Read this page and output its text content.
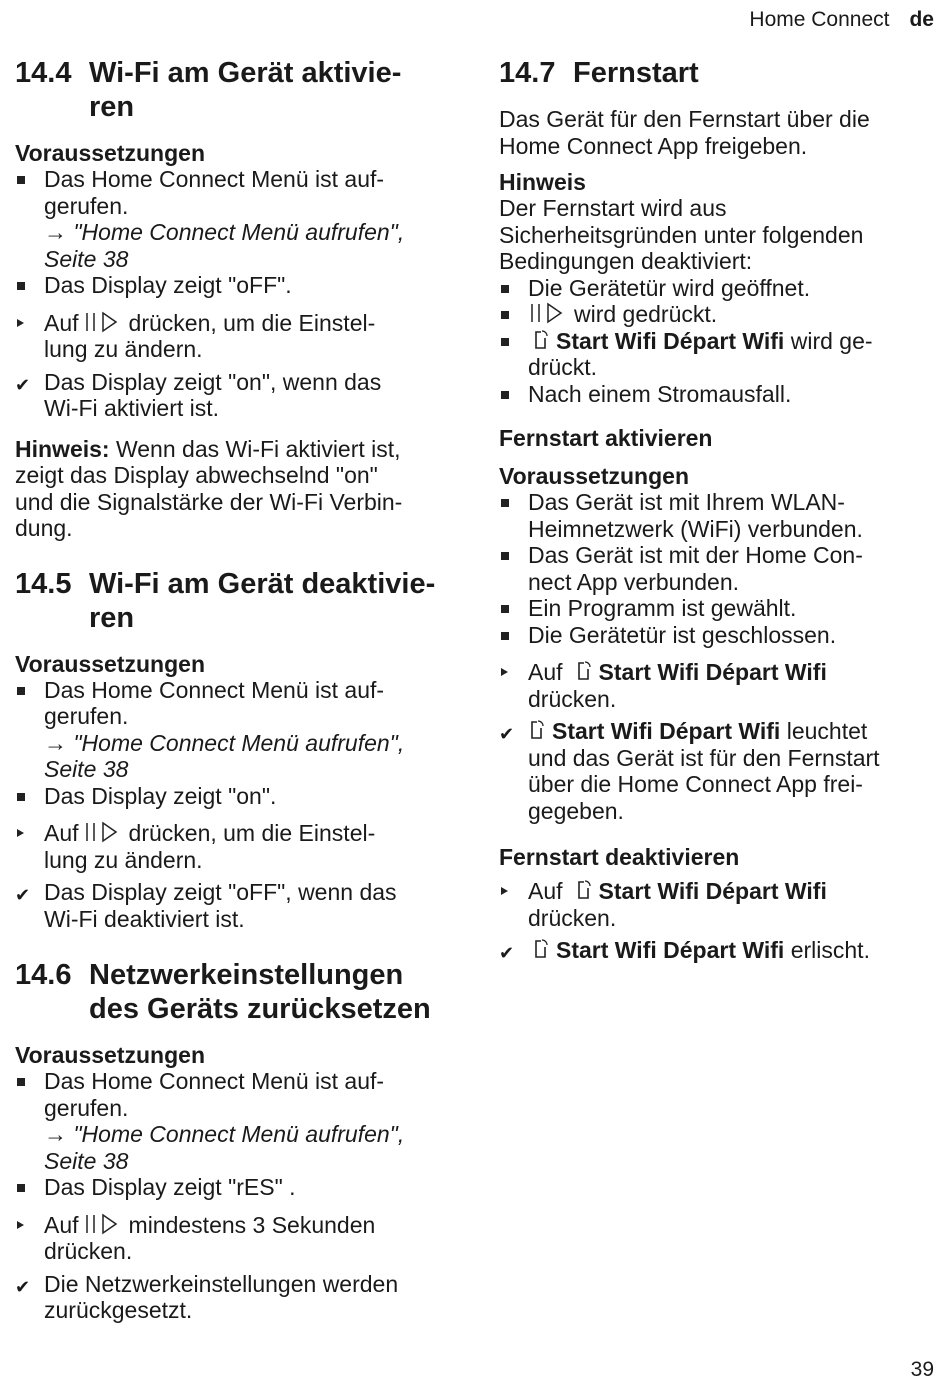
Home Connect de
14.4 Wi-Fi am Gerät aktivie-
ren
Voraussetzungen
Das Home Connect Menü ist auf-
gerufen.
→ "Home Connect Menü aufrufen",
Seite 38
Das Display zeigt "oFF".
Auf drücken, um die Einstel-
lung zu ändern.
✔ Das Display zeigt "on", wenn das
Wi-Fi aktiviert ist.

Hinweis: Wenn das Wi-Fi aktiviert ist,
zeigt das Display abwechselnd "on"
und die Signalstärke der Wi-Fi Verbin-
dung.

14.5 Wi-Fi am Gerät deaktivie-
ren
Voraussetzungen
Das Home Connect Menü ist auf-
gerufen.
→ "Home Connect Menü aufrufen",
Seite 38
Das Display zeigt "on".
Auf drücken, um die Einstel-
lung zu ändern.
✔ Das Display zeigt "oFF", wenn das
Wi-Fi deaktiviert ist.
14.6 Netzwerkeinstellungen
des Geräts zurücksetzen
Voraussetzungen
Das Home Connect Menü ist auf-
gerufen.
→ "Home Connect Menü aufrufen",
Seite 38
Das Display zeigt "rES" .
Auf mindestens 3 Sekunden
drücken.
✔ Die Netzwerkeinstellungen werden
zurückgesetzt.
14.7 Fernstart

Das Gerät für den Fernstart über die
Home Connect App freigeben.

Hinweis

Der Fernstart wird aus
Sicherheitsgründen unter folgenden
Bedingungen deaktiviert:

Die Gerätetür wird geöffnet.
wird gedrückt.
Start Wifi Départ Wifi wird ge-
drückt.
Nach einem Stromausfall.
Fernstart aktivieren
Voraussetzungen
Das Gerät ist mit Ihrem WLAN-
Heimnetzwerk (WiFi) verbunden.
Das Gerät ist mit der Home Con-
nect App verbunden.
Ein Programm ist gewählt.
Die Gerätetür ist geschlossen.
Auf Start Wifi Départ Wifi
drücken.
✔	Start Wifi Départ Wifi leuchtet
und das Gerät ist für den Fernstart
über die Home Connect App frei-
gegeben.
Fernstart deaktivieren
Auf Start Wifi Départ Wifi
drücken.
✔	Start Wifi Départ Wifi erlischt.
39
